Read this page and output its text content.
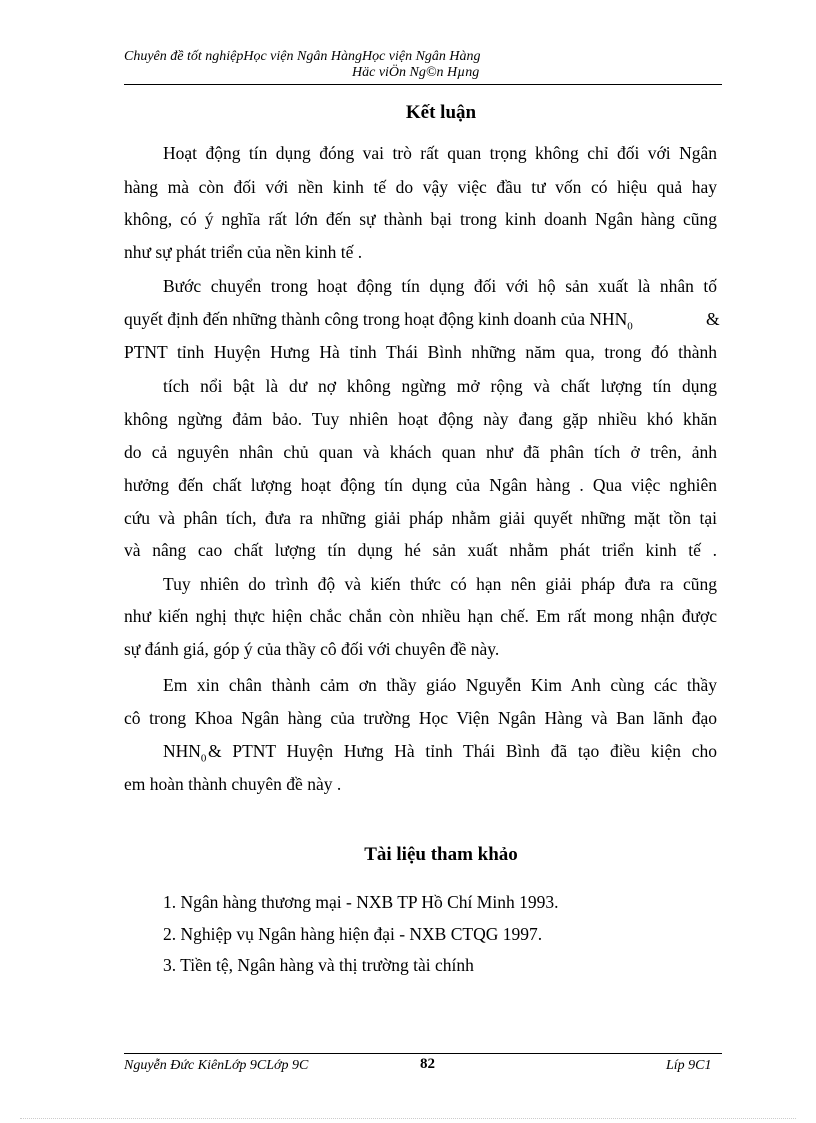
Chuyên đề tốt nghiệpHọc viện Ngân HàngHọc viện Ngân Hàng
Häc viÖn Ng©n Hµng
Kết luận
Hoạt động tín dụng đóng vai trò rất quan trọng không chỉ đối với Ngân
hàng mà còn đối với nền kinh tế do vậy việc đầu tư vốn có hiệu quả hay
không, có ý nghĩa rất lớn đến sự thành bại trong kinh doanh Ngân hàng cũng
như sự phát triển của nền kinh tế .
Bước chuyển trong hoạt động tín dụng đối với hộ sản xuất là nhân tố
quyết định đến những thành công trong hoạt động kinh doanh của $NHN_0$	&
PTNT tỉnh Huyện Hưng Hà tỉnh Thái Bình những năm qua, trong đó thành
tích nổi bật là dư nợ không ngừng mở rộng và chất lượng tín dụng
không ngừng đảm bảo. Tuy nhiên hoạt động này đang gặp nhiều khó khăn
do cả nguyên nhân chủ quan và khách quan như đã phân tích ở trên, ảnh
hưởng đến chất lượng hoạt động tín dụng của Ngân hàng . Qua việc nghiên
cứu và phân tích, đưa ra những giải pháp nhằm giải quyết những mặt tồn tại
và nâng cao chất lượng tín dụng hé sản xuất nhằm phát triển kinh tế .
Tuy nhiên do trình độ và kiến thức có hạn nên giải pháp đưa ra cũng
như kiến nghị thực hiện chắc chắn còn nhiều hạn chế. Em rất mong nhận được
sự đánh giá, góp ý của thầy cô đối với chuyên đề này.
Em xin chân thành cảm ơn thầy giáo Nguyễn Kim Anh cùng các thầy
cô trong Khoa Ngân hàng của trường Học Viện Ngân Hàng và Ban lãnh đạo
$NHN_0$ & PTNT Huyện Hưng Hà tỉnh Thái Bình đã tạo điều kiện cho
em hoàn thành chuyên đề này .
Tài liệu tham khảo
1. Ngân hàng thương mại - NXB TP Hồ Chí Minh 1993.
2. Nghiệp vụ Ngân hàng hiện đại - NXB CTQG 1997.
3. Tiền tệ, Ngân hàng và thị trường tài chính
Nguyễn Đức KiênLớp 9CLớp 9C	82	Líp 9C1
